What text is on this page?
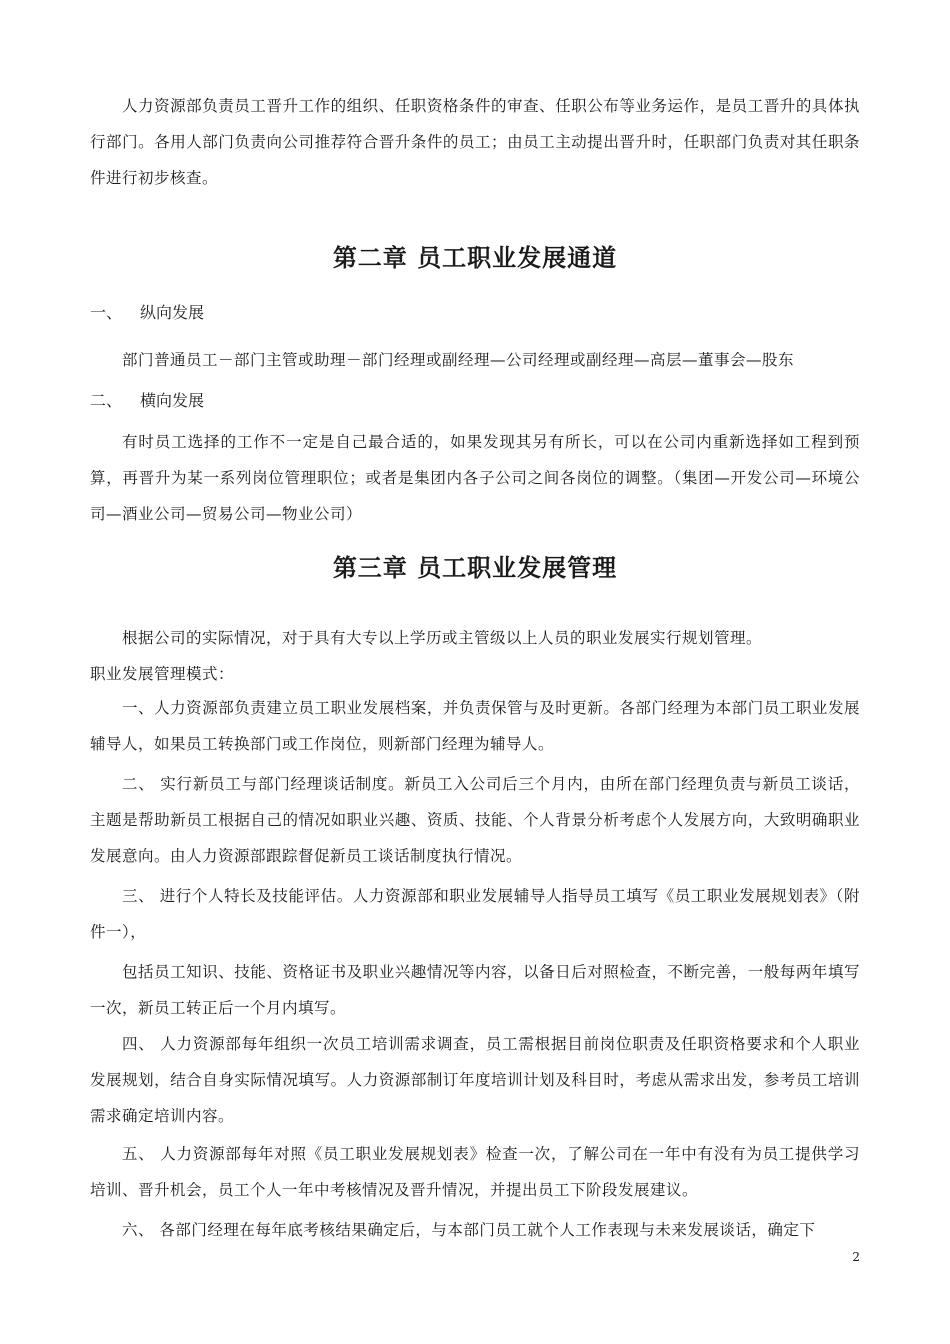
人力资源部负责员工晋升工作的组织、任职资格条件的审查、任职公布等业务运作，是员工晋升的具体执行部门。各用人部门负责向公司推荐符合晋升条件的员工；由员工主动提出晋升时，任职部门负责对其任职条件进行初步核查。

第二章 员工职业发展通道
一、 纵向发展

部门普通员工－部门主管或助理－部门经理或副经理—公司经理或副经理—高层—董事会—股东

二、 横向发展

有时员工选择的工作不一定是自己最合适的，如果发现其另有所长，可以在公司内重新选择如工程到预算，再晋升为某一系列岗位管理职位；或者是集团内各子公司之间各岗位的调整。（集团—开发公司—环境公司—酒业公司—贸易公司—物业公司）

第三章 员工职业发展管理

根据公司的实际情况，对于具有大专以上学历或主管级以上人员的职业发展实行规划管理。

职业发展管理模式：

一、人力资源部负责建立员工职业发展档案，并负责保管与及时更新。各部门经理为本部门员工职业发展辅导人，如果员工转换部门或工作岗位，则新部门经理为辅导人。

二、 实行新员工与部门经理谈话制度。新员工入公司后三个月内，由所在部门经理负责与新员工谈话，主题是帮助新员工根据自己的情况如职业兴趣、资质、技能、个人背景分析考虑个人发展方向，大致明确职业发展意向。由人力资源部跟踪督促新员工谈话制度执行情况。

三、 进行个人特长及技能评估。人力资源部和职业发展辅导人指导员工填写《员工职业发展规划表》（附件一），

包括员工知识、技能、资格证书及职业兴趣情况等内容，以备日后对照检查，不断完善，一般每两年填写一次，新员工转正后一个月内填写。

四、 人力资源部每年组织一次员工培训需求调查，员工需根据目前岗位职责及任职资格要求和个人职业发展规划，结合自身实际情况填写。人力资源部制订年度培训计划及科目时，考虑从需求出发，参考员工培训需求确定培训内容。

五、 人力资源部每年对照《员工职业发展规划表》检查一次，了解公司在一年中有没有为员工提供学习培训、晋升机会，员工个人一年中考核情况及晋升情况，并提出员工下阶段发展建议。

六、 各部门经理在每年底考核结果确定后，与本部门员工就个人工作表现与未来发展谈话，确定下

2
